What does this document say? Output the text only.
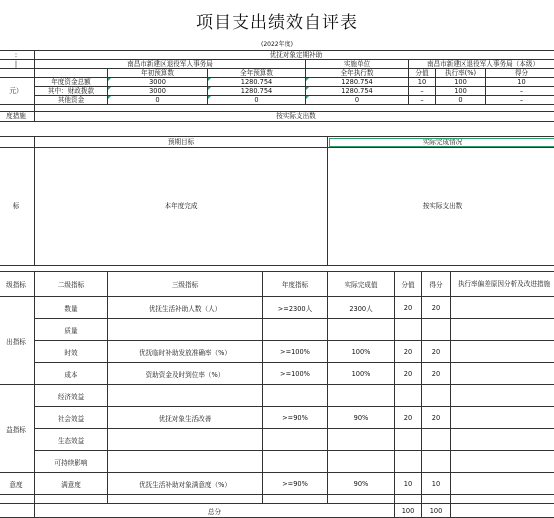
项目支出绩效自评表
(2022年度)
:	优抚对象定期补助						
|	南昌市新建区退役军人事务局			实施单位	南昌市新建区退役军人事务局（本级）		
		年初预算数	全年预算数	全年执行数	分值	执行率(%)	得分
元）	年度资金总额	3000	1280.754	1280.754	10	100	10
	其中：财政拨款	3000	1280.754	1280.754	–	100	–
	其他资金	0	0	0	–	0	–

度措施	按实际支出数						
	预期目标	实际完成情况
标	本年度完成	按实际支出数
级指标	二级指标	三级指标	年度指标	实际完成值	分值	得分	执行率偏差原因分析及改进措施
出指标	数量	优抚生活补助人数（人）	>=2300人	2300人	20	20	
	质量						
	时效	优抚临时补助发放准确率（%）	>=100%	100%	20	20	
	成本	资助资金及时到位率（%）	>=100%	100%	20	20	
益指标	经济效益						
	社会效益	优抚对象生活改善	>=90%	90%	20	20	
	生态效益						
	可持续影响						
意度	满意度	优抚生活补助对象满意度（%）	>=90%	90%	10	10	

	总分				100	100	
